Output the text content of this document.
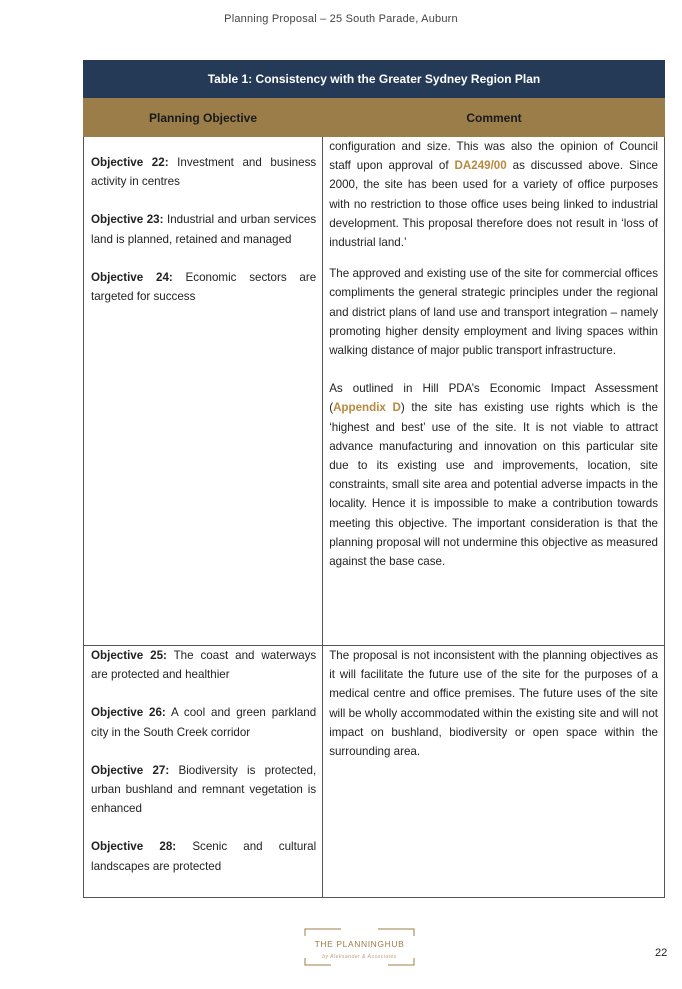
Planning Proposal – 25 South Parade, Auburn
Table 1: Consistency with the Greater Sydney Region Plan
Planning Objective	Comment

Objective 22: Investment and business activity in centres

Objective 23: Industrial and urban services land is planned, retained and managed

Objective 24: Economic sectors are targeted for success

configuration and size. This was also the opinion of Council staff upon approval of DA249/00 as discussed above. Since 2000, the site has been used for a variety of office purposes with no restriction to those office uses being linked to industrial development. This proposal therefore does not result in ‘loss of industrial land.’

The approved and existing use of the site for commercial offices compliments the general strategic principles under the regional and district plans of land use and transport integration – namely promoting higher density employment and living spaces within walking distance of major public transport infrastructure.

As outlined in Hill PDA’s Economic Impact Assessment (Appendix D) the site has existing use rights which is the ‘highest and best’ use of the site. It is not viable to attract advance manufacturing and innovation on this particular site due to its existing use and improvements, location, site constraints, small site area and potential adverse impacts in the locality. Hence it is impossible to make a contribution towards meeting this objective. The important consideration is that the planning proposal will not undermine this objective as measured against the base case.

Objective 25: The coast and waterways are protected and healthier

Objective 26: A cool and green parkland city in the South Creek corridor

Objective 27: Biodiversity is protected, urban bushland and remnant vegetation is enhanced

Objective 28: Scenic and cultural landscapes are protected

The proposal is not inconsistent with the planning objectives as it will facilitate the future use of the site for the purposes of a medical centre and office premises. The future uses of the site will be wholly accommodated within the existing site and will not impact on bushland, biodiversity or open space within the surrounding area.

THE PLANNINGHUB
by Aleksander & Associates	22
